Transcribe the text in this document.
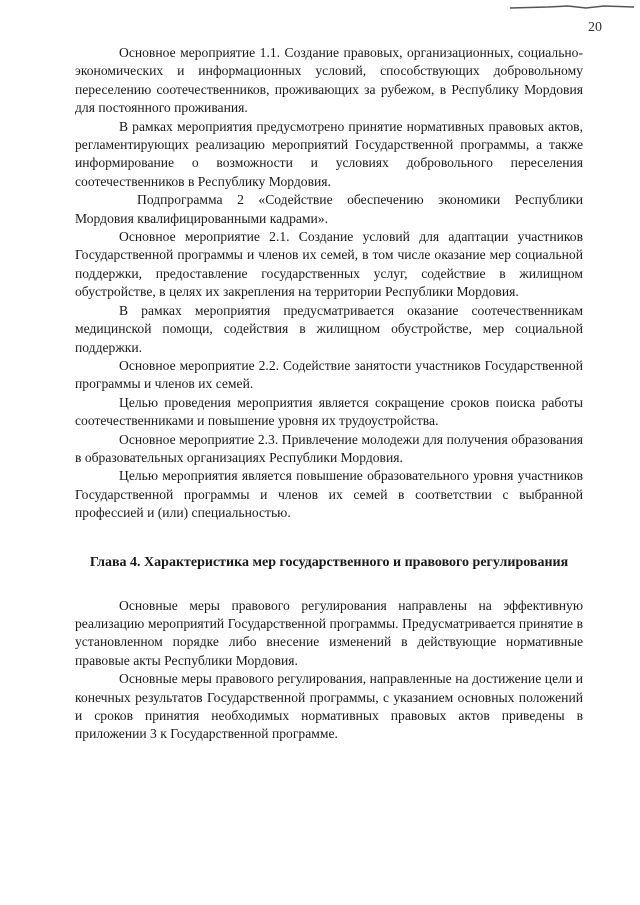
20

Основное мероприятие 1.1. Создание правовых, организационных, социально-экономических и информационных условий, способствующих добровольному переселению соотечественников, проживающих за рубежом, в Республику Мордовия для постоянного проживания.

В рамках мероприятия предусмотрено принятие нормативных правовых актов, регламентирующих реализацию мероприятий Государственной программы, а также информирование о возможности и условиях добровольного переселения соотечественников в Республику Мордовия.

Подпрограмма 2 «Содействие обеспечению экономики Республики Мордовия квалифицированными кадрами».

Основное мероприятие 2.1. Создание условий для адаптации участников Государственной программы и членов их семей, в том числе оказание мер социальной поддержки, предоставление государственных услуг, содействие в жилищном обустройстве, в целях их закрепления на территории Республики Мордовия.

В рамках мероприятия предусматривается оказание соотечественникам медицинской помощи, содействия в жилищном обустройстве, мер социальной поддержки.

Основное мероприятие 2.2. Содействие занятости участников Государственной программы и членов их семей.

Целью проведения мероприятия является сокращение сроков поиска работы соотечественниками и повышение уровня их трудоустройства.

Основное мероприятие 2.3. Привлечение молодежи для получения образования в образовательных организациях Республики Мордовия.

Целью мероприятия является повышение образовательного уровня участников Государственной программы и членов их семей в соответствии с выбранной профессией и (или) специальностью.

Глава 4. Характеристика мер государственного и правового регулирования

Основные меры правового регулирования направлены на эффективную реализацию мероприятий Государственной программы. Предусматривается принятие в установленном порядке либо внесение изменений в действующие нормативные правовые акты Республики Мордовия.

Основные меры правового регулирования, направленные на достижение цели и конечных результатов Государственной программы, с указанием основных положений и сроков принятия необходимых нормативных правовых актов приведены в приложении 3 к Государственной программе.
